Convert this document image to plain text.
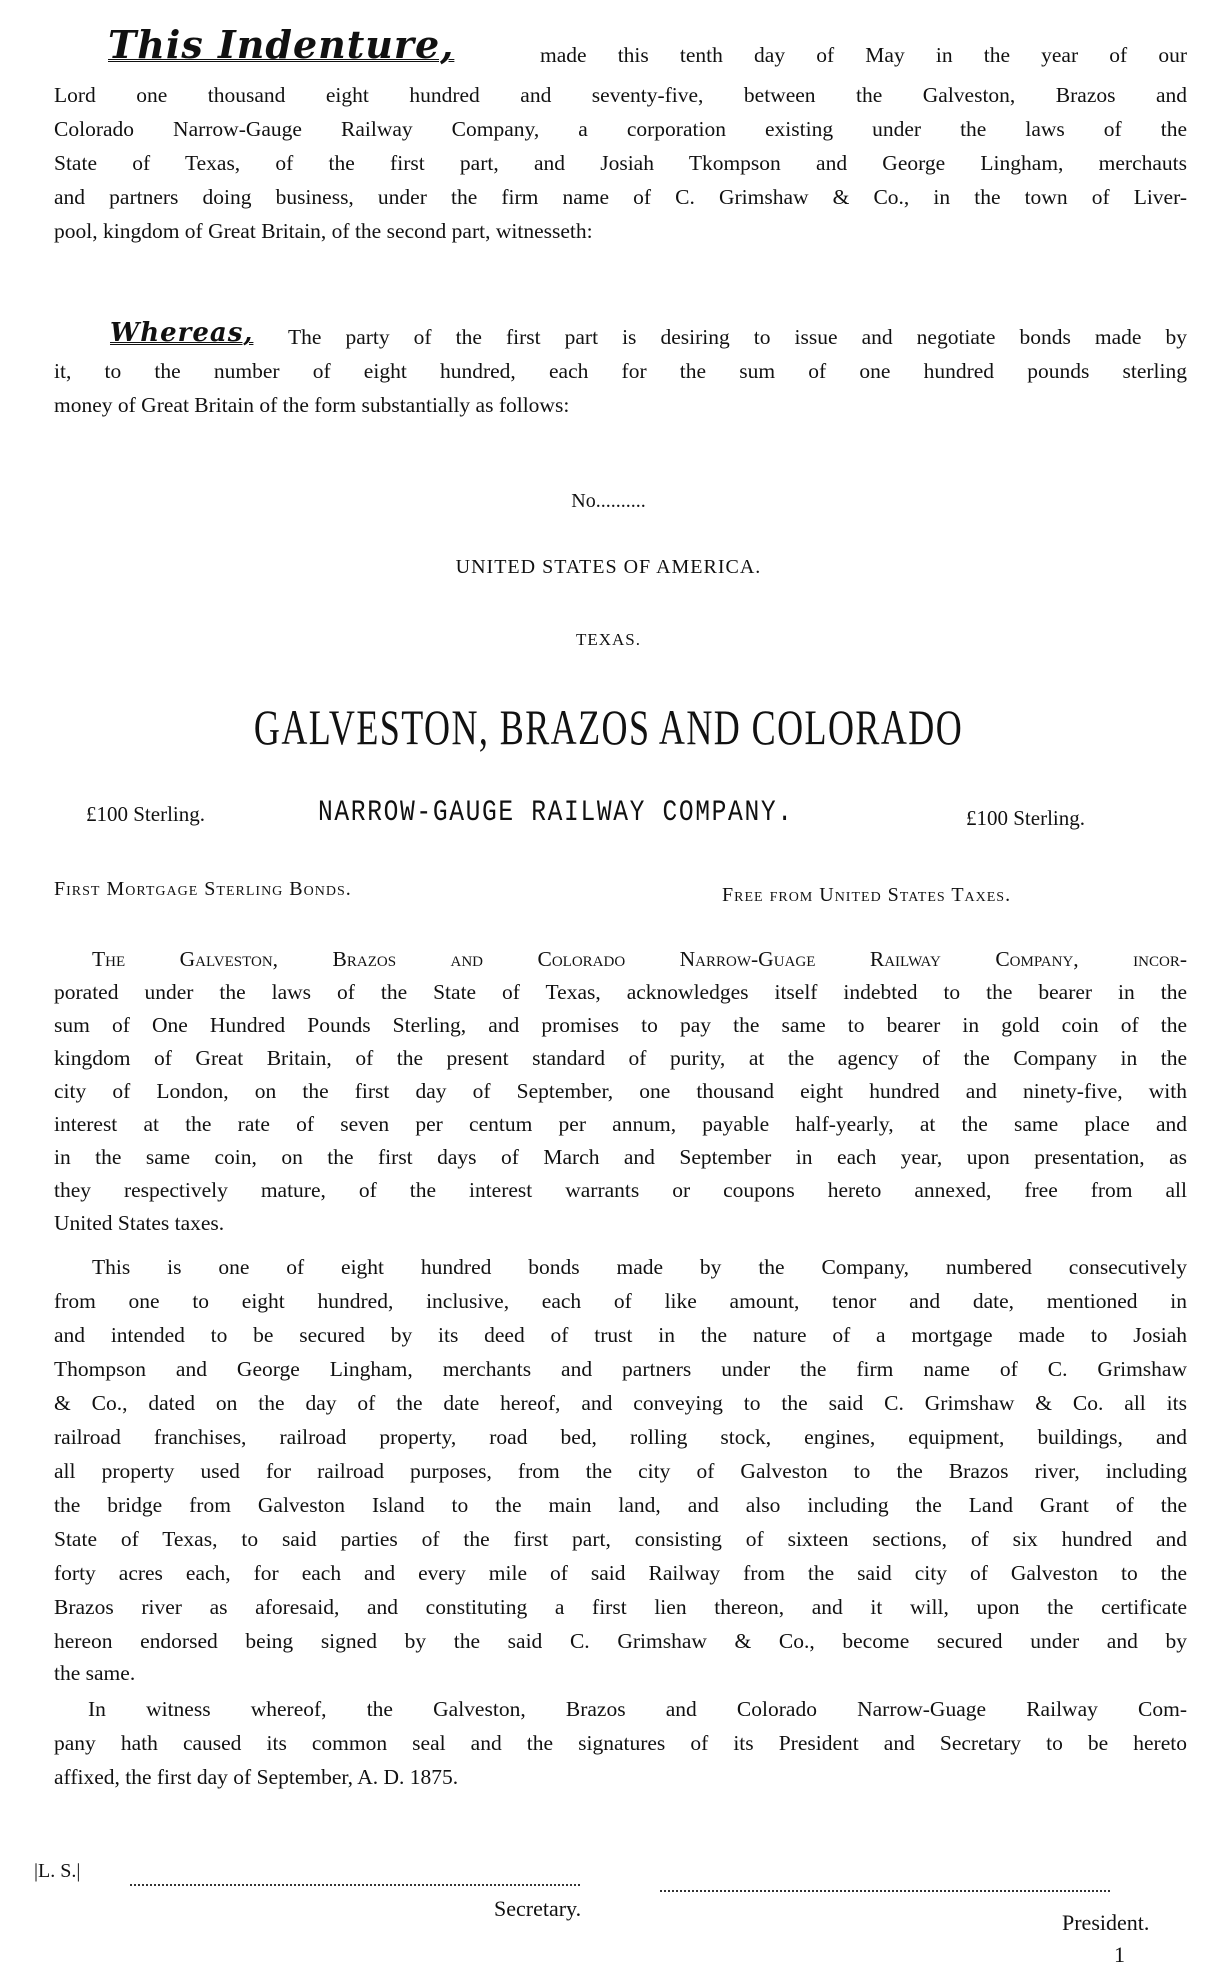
This Indenture,	made this tenth day of May in the year of our
Lord one thousand eight hundred and seventy-five, between the Galveston, Brazos and
Colorado Narrow-Gauge Railway Company, a corporation existing under the laws of the
State of Texas, of the first part, and Josiah Tkompson and George Lingham, merchauts
and partners doing business, under the firm name of C. Grimshaw & Co., in the town of Liver-
pool, kingdom of Great Britain, of the second part, witnesseth:
Whereas, The party of the first part is desiring to issue and negotiate bonds made by
it, to the number of eight hundred, each for the sum of one hundred pounds sterling
money of Great Britain of the form substantially as follows:
No..........
UNITED STATES OF AMERICA.
TEXAS.
GALVESTON, BRAZOS AND COLORADO
£100 Sterling.	NARROW-GAUGE RAILWAY COMPANY.	£100 Sterling.
First Mortgage Sterling Bonds.	Free from United States Taxes.
The Galveston, Brazos and Colorado Narrow-Guage Railway Company, incor-
porated under the laws of the State of Texas, acknowledges itself indebted to the bearer in the
sum of One Hundred Pounds Sterling, and promises to pay the same to bearer in gold coin of the
kingdom of Great Britain, of the present standard of purity, at the agency of the Company in the
city of London, on the first day of September, one thousand eight hundred and ninety-five, with
interest at the rate of seven per centum per annum, payable half-yearly, at the same place and
in the same coin, on the first days of March and September in each year, upon presentation, as
they respectively mature, of the interest warrants or coupons hereto annexed, free from all
United States taxes.
This is one of eight hundred bonds made by the Company, numbered consecutively
from one to eight hundred, inclusive, each of like amount, tenor and date, mentioned in
and intended to be secured by its deed of trust in the nature of a mortgage made to Josiah
Thompson and George Lingham, merchants and partners under the firm name of C. Grimshaw
& Co., dated on the day of the date hereof, and conveying to the said C. Grimshaw & Co. all its
railroad franchises, railroad property, road bed, rolling stock, engines, equipment, buildings, and
all property used for railroad purposes, from the city of Galveston to the Brazos river, including
the bridge from Galveston Island to the main land, and also including the Land Grant of the
State of Texas, to said parties of the first part, consisting of sixteen sections, of six hundred and
forty acres each, for each and every mile of said Railway from the said city of Galveston to the
Brazos river as aforesaid, and constituting a first lien thereon, and it will, upon the certificate
hereon endorsed being signed by the said C. Grimshaw & Co., become secured under and by
the same.
In witness whereof, the Galveston, Brazos and Colorado Narrow-Guage Railway Com-
pany hath caused its common seal and the signatures of its President and Secretary to be hereto
affixed, the first day of September, A. D. 1875.
|L. S.|
Secretary.
President.
1
